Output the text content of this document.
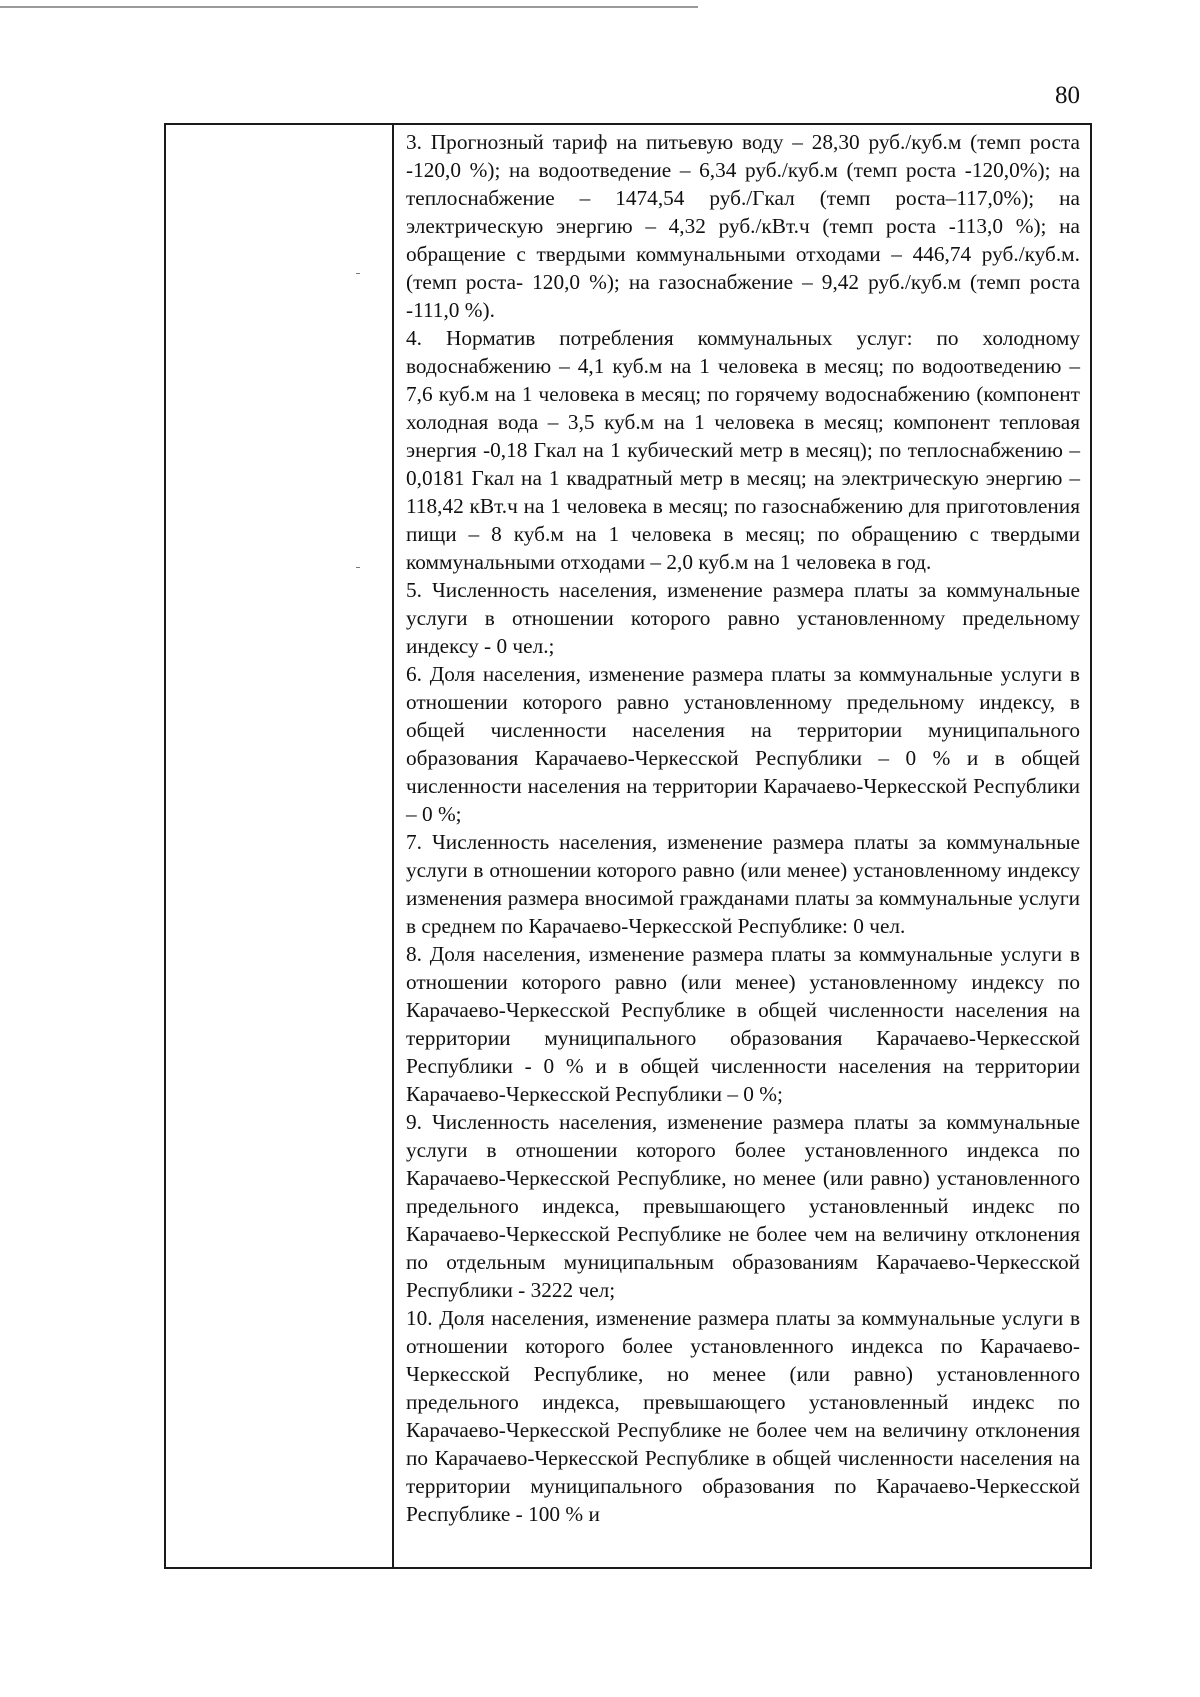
80

3. Прогнозный тариф на питьевую воду – 28,30 руб./куб.м (темп роста -120,0 %); на водоотведение – 6,34 руб./куб.м (темп роста -120,0%); на теплоснабжение – 1474,54 руб./Гкал (темп роста–117,0%); на электрическую энергию – 4,32 руб./кВт.ч (темп роста -113,0 %); на обращение с твердыми коммунальными отходами – 446,74 руб./куб.м. (темп роста- 120,0 %); на газоснабжение – 9,42 руб./куб.м (темп роста -111,0 %).

4. Норматив потребления коммунальных услуг: по холодному водоснабжению – 4,1 куб.м на 1 человека в месяц; по водоотведению – 7,6 куб.м на 1 человека в месяц; по горячему водоснабжению (компонент холодная вода – 3,5 куб.м на 1 человека в месяц; компонент тепловая энергия -0,18 Гкал на 1 кубический метр в месяц); по теплоснабжению – 0,0181 Гкал на 1 квадратный метр в месяц; на электрическую энергию – 118,42 кВт.ч на 1 человека в месяц; по газоснабжению для приготовления пищи – 8 куб.м на 1 человека в месяц; по обращению с твердыми коммунальными отходами – 2,0 куб.м на 1 человека в год.

5. Численность населения, изменение размера платы за коммунальные услуги в отношении которого равно установленному предельному индексу - 0 чел.;

6. Доля населения, изменение размера платы за коммунальные услуги в отношении которого равно установленному предельному индексу, в общей численности населения на территории муниципального образования Карачаево-Черкесской Республики – 0 % и в общей численности населения на территории Карачаево-Черкесской Республики – 0 %;

7. Численность населения, изменение размера платы за коммунальные услуги в отношении которого равно (или менее) установленному индексу изменения размера вносимой гражданами платы за коммунальные услуги в среднем по Карачаево-Черкесской Республике: 0 чел.

8. Доля населения, изменение размера платы за коммунальные услуги в отношении которого равно (или менее) установленному индексу по Карачаево-Черкесской Республике в общей численности населения на территории муниципального образования Карачаево-Черкесской Республики - 0 % и в общей численности населения на территории Карачаево-Черкесской Республики – 0 %;

9. Численность населения, изменение размера платы за коммунальные услуги в отношении которого более установленного индекса по Карачаево-Черкесской Республике, но менее (или равно) установленного предельного индекса, превышающего установленный индекс по Карачаево-Черкесской Республике не более чем на величину отклонения по отдельным муниципальным образованиям Карачаево-Черкесской Республики - 3222 чел;

10. Доля населения, изменение размера платы за коммунальные услуги в отношении которого более установленного индекса по Карачаево-Черкесской Республике, но менее (или равно) установленного предельного индекса, превышающего установленный индекс по Карачаево-Черкесской Республике не более чем на величину отклонения по Карачаево-Черкесской Республике в общей численности населения на территории муниципального образования по Карачаево-Черкесской Республике - 100 % и
